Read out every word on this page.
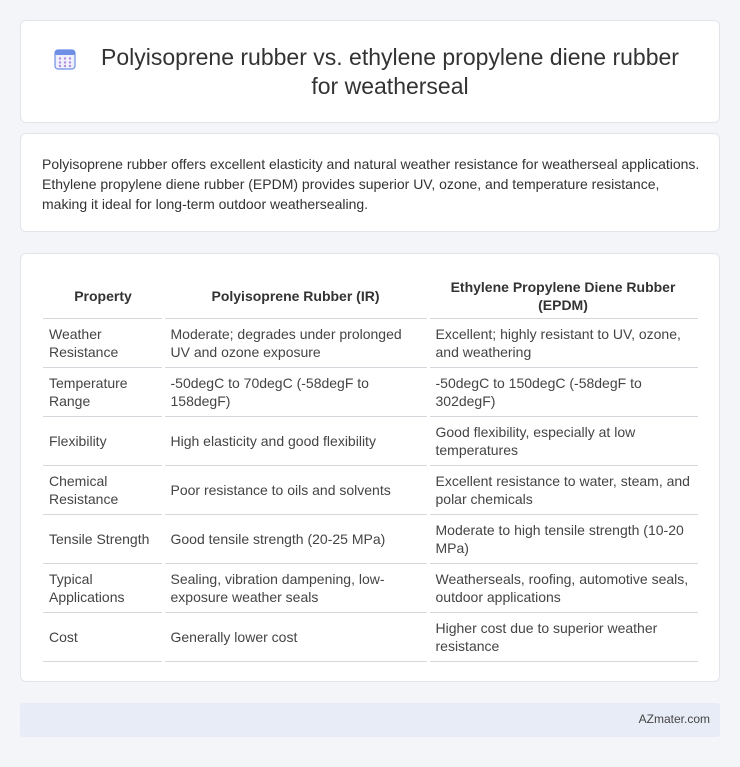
Polyisoprene rubber vs. ethylene propylene diene rubber for weatherseal

Polyisoprene rubber offers excellent elasticity and natural weather resistance for weatherseal applications. Ethylene propylene diene rubber (EPDM) provides superior UV, ozone, and temperature resistance, making it ideal for long-term outdoor weathersealing.

Property	Polyisoprene Rubber (IR)	Ethylene Propylene Diene Rubber (EPDM)
Weather Resistance	Moderate; degrades under prolonged UV and ozone exposure	Excellent; highly resistant to UV, ozone, and weathering
Temperature Range	-50degC to 70degC (-58degF to 158degF)	-50degC to 150degC (-58degF to 302degF)
Flexibility	High elasticity and good flexibility	Good flexibility, especially at low temperatures
Chemical Resistance	Poor resistance to oils and solvents	Excellent resistance to water, steam, and polar chemicals
Tensile Strength	Good tensile strength (20-25 MPa)	Moderate to high tensile strength (10-20 MPa)
Typical Applications	Sealing, vibration dampening, low-exposure weather seals	Weatherseals, roofing, automotive seals, outdoor applications
Cost	Generally lower cost	Higher cost due to superior weather resistance
AZmater.com
